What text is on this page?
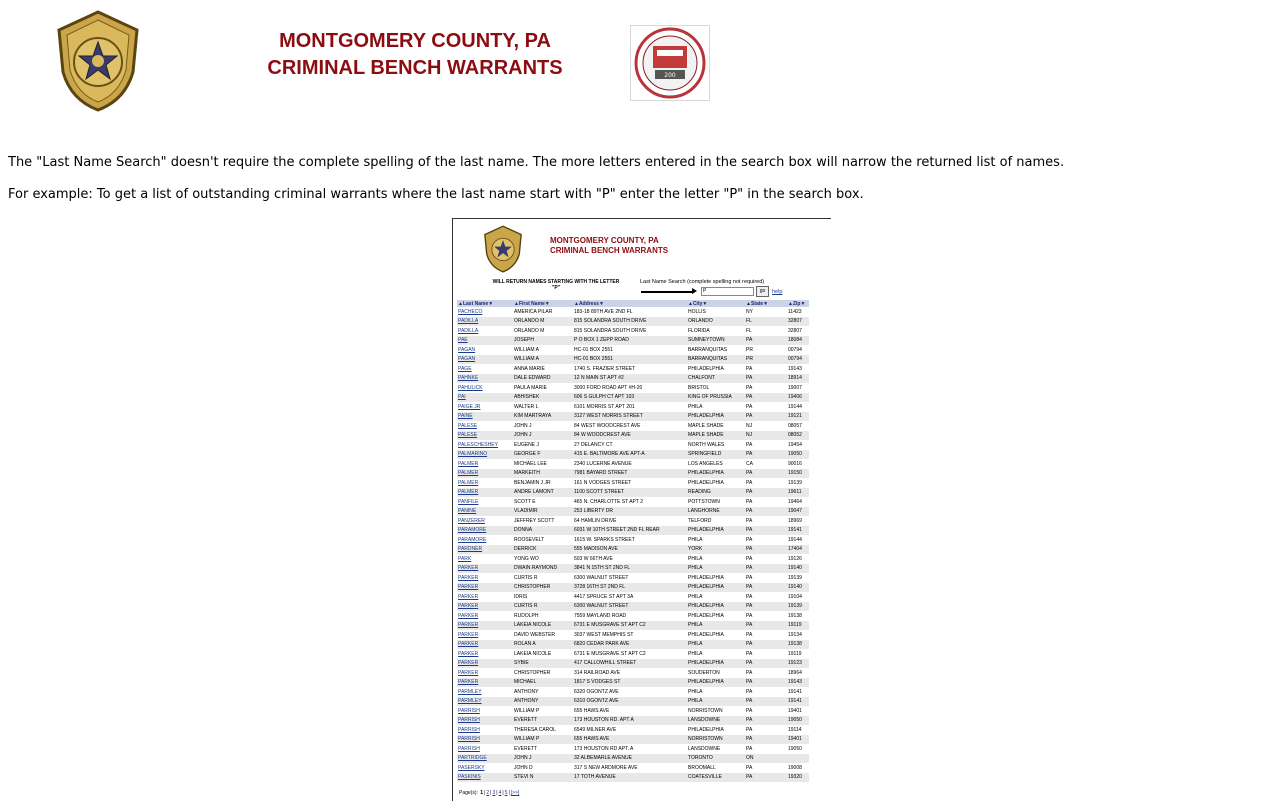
MONTGOMERY COUNTY, PA
CRIMINAL BENCH WARRANTS	200
The "Last Name Search" doesn't require the complete spelling of the last name. The more letters entered in the search box will narrow the returned list of names.
For example: To get a list of outstanding criminal warrants where the last name start with "P" enter the letter "P" in the search box.
MONTGOMERY COUNTY, PA
CRIMINAL BENCH WARRANTS
WILL RETURN NAMES STARTING WITH THE LETTER
"P"
Last Name Search (complete spelling not required)
P	go	help
▲Last Name▼	▲First Name▼	▲Address▼	▲City▼	▲State▼	▲Zip▼
PACHECO	AMERICA PILAR	183-18 89TH AVE 2ND FL	HOLLIS	NY	11423
PADILLA	ORLANDO M	815 SOLANDRA SOUTH DRIVE	ORLANDO	FL	32807
PADILLA	ORLANDO M	815 SOLANDRA SOUTH DRIVE	FLORIDA	FL	32807
PAE	JOSEPH	P O BOX 1 ZEPP ROAD	SUMNEYTOWN	PA	18084
PAGAN	WILLIAM A	HC-01 BOX 2551	BARRANQUITAS	PR	00794
PAGAN	WILLIAM A	HC-01 BOX 2551	BARRANQUITAS	PR	00794
PAGE	ANNA MARIE	1740 S. FRAZIER STREET	PHILADELPHIA	PA	19143
PAHNKE	DALE EDWARD	12 N MAIN ST APT #2	CHALFONT	PA	18914
PAHULICK	PAULA MARIE	3000 FORD ROAD APT #H-20	BRISTOL	PA	19007
PAI	ABHISHEK	606 S GULPH CT APT 103	KING OF PRUSSIA	PA	19406
PAIGE JR	WALTER L	6101 MORRIS ST APT 201	PHILA	PA	19144
PAINE	KIM MARTRAYA	3127 WEST NORRIS STREET	PHILADELPHIA	PA	19121
PALESE	JOHN J	84 WEST WOODCREST AVE	MAPLE SHADE	NJ	08057
PALESE	JOHN J	84 W WOODCREST AVE	MAPLE SHADE	NJ	08052
PALESCHESHEY	EUGENE J	27 DELANCY CT	NORTH WALES	PA	19454
PALMARINO	GEORGE F	415 E. BALTIMORE AVE APT-A	SPRINGFIELD	PA	19050
PALMER	MICHAEL LEE	2340 LUCERNE AVENUE	LOS ANGELES	CA	90016
PALMER	MARKEITH	7981 BAYARD STREET	PHILADELPHIA	PA	19150
PALMER	BENJAMIN J JR	161 N VODGES STREET	PHILADELPHIA	PA	19139
PALMER	ANDRE LAMONT	1100 SCOTT STREET	READING	PA	19611
PANFILE	SCOTT E	465 N. CHARLOTTE ST APT 2	POTTSTOWN	PA	19464
PANINE	VLADIMIR	253 LIBERTY DR	LANGHORNE	PA	19047
PANZERER	JEFFREY SCOTT	64 HAMLIN DRIVE	TELFORD	PA	18969
PARAMORE	DONNA	6031 W 10TH STREET 2ND FL REAR	PHILADELPHIA	PA	19141
PARAMORE	ROOSEVELT	1615 W. SPARKS STREET	PHILA	PA	19144
PARDNER	DERRICK	555 MADISON AVE	YORK	PA	17404
PARK	YONG WO	503 W 66TH AVE	PHILA	PA	19126
PARKER	DWAIN RAYMOND	3841 N 15TH ST 2ND FL	PHILA	PA	19140
PARKER	CURTIS R	6300 WALNUT STREET	PHILADELPHIA	PA	19139
PARKER	CHRISTOPHER	3728 16TH ST 2ND FL	PHILADELPHIA	PA	19140
PARKER	IDRIS	4417 SPRUCE ST APT 3A	PHILA	PA	19104
PARKER	CURTIS R	6300 WALNUT STREET	PHILADELPHIA	PA	19139
PARKER	RUDOLPH	7559 MAYLAND ROAD	PHILADELPHIA	PA	19138
PARKER	LAKEIA NICOLE	6731 E MUSGRAVE ST APT C2	PHILA	PA	19119
PARKER	DAVID WEBSTER	3037 WEST MEMPHIS ST	PHILADELPHIA	PA	19134
PARKER	ROLAN A	6820 CEDAR PARK AVE	PHILA	PA	19138
PARKER	LAKEIA NICOLE	6731 E MUSGRAVE ST APT C2	PHILA	PA	19119
PARKER	SYBIE	417 CALLOWHILL STREET	PHILADELPHIA	PA	19123
PARKER	CHRISTOPHER	314 RAILROAD AVE	SOUDERTON	PA	18964
PARKER	MICHAEL	1817 S VODGES ST	PHILADELPHIA	PA	19143
PARMLEY	ANTHONY	6320 OGONTZ AVE	PHILA	PA	19141
PARMLEY	ANTHONY	6310 OGONTZ AVE	PHILA	PA	19141
PARRISH	WILLIAM P	655 HAWS AVE	NORRISTOWN	PA	19401
PARRISH	EVERETT	173 HOUSTON RD. APT A	LANSDOWNE	PA	19050
PARRISH	THERESA CAROL	6549 MILNER AVE	PHILADELPHIA	PA	19114
PARRISH	WILLIAM P	655 HAWS AVE	NORRISTOWN	PA	19401
PARRISH	EVERETT	173 HOUSTON RD APT. A	LANSDOWNE	PA	19050
PARTRIDGE	JOHN J	32 ALBEMARLE AVENUE	TORONTO	ON	
PASERSKY	JOHN D	317 S NEW ARDMORE AVE	BROOMALL	PA	19008
PASKINIS	STEVI N	17 TOTH AVENUE	COATESVILLE	PA	19320
Page(s): 1|2|3|4|5|[>>]
